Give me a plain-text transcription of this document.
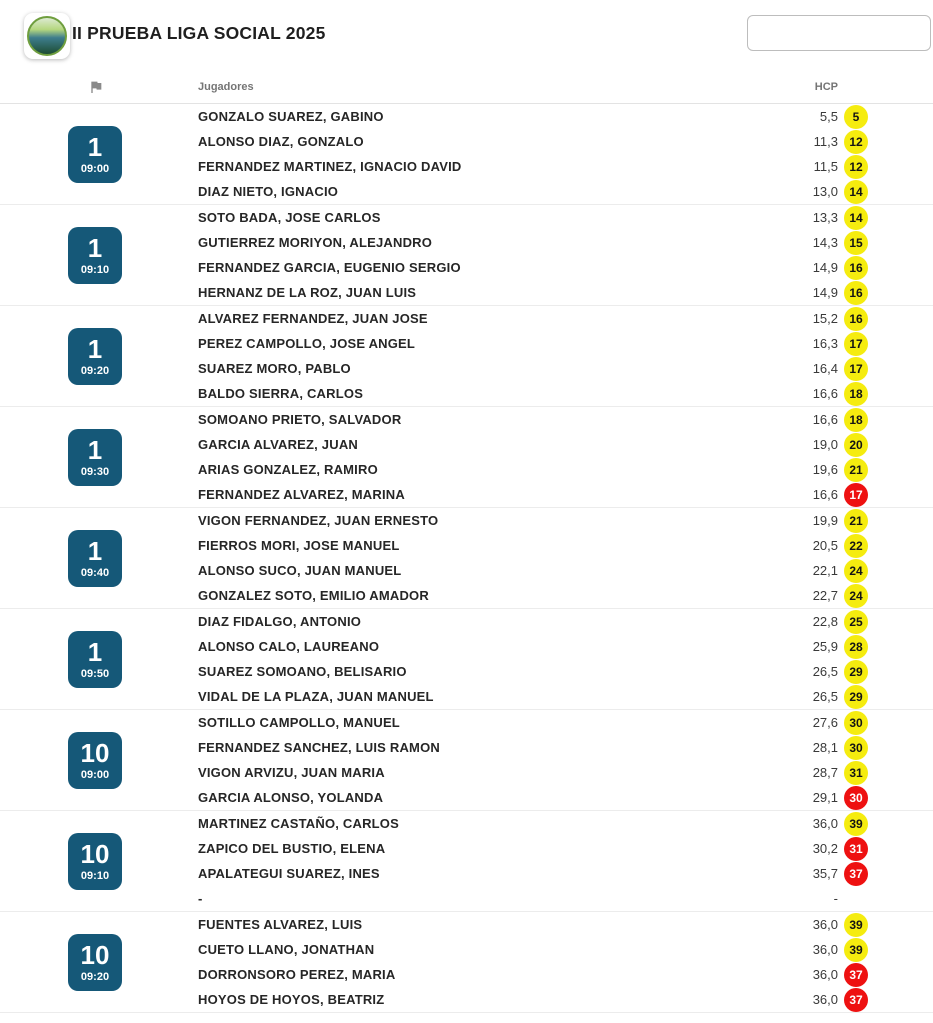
II PRUEBA LIGA SOCIAL 2025
Jugadores	HCP
1
09:00
GONZALO SUAREZ, GABINO	5,5	5
ALONSO DIAZ, GONZALO	11,3 12
FERNANDEZ MARTINEZ, IGNACIO DAVID	11,5 12
DIAZ NIETO, IGNACIO	13,0 14
1
09:10
SOTO BADA, JOSE CARLOS	13,3 14
GUTIERREZ MORIYON, ALEJANDRO	14,3 15
FERNANDEZ GARCIA, EUGENIO SERGIO	14,9 16
HERNANZ DE LA ROZ, JUAN LUIS	14,9 16
1
09:20
ALVAREZ FERNANDEZ, JUAN JOSE	15,2 16
PEREZ CAMPOLLO, JOSE ANGEL	16,3 17
SUAREZ MORO, PABLO	16,4 17
BALDO SIERRA, CARLOS	16,6 18
1
09:30
SOMOANO PRIETO, SALVADOR	16,6 18
GARCIA ALVAREZ, JUAN	19,0 20
ARIAS GONZALEZ, RAMIRO	19,6 21
FERNANDEZ ALVAREZ, MARINA	16,6 17
1
09:40
VIGON FERNANDEZ, JUAN ERNESTO	19,9 21
FIERROS MORI, JOSE MANUEL	20,5 22
ALONSO SUCO, JUAN MANUEL	22,1 24
GONZALEZ SOTO, EMILIO AMADOR	22,7 24
1
09:50
DIAZ FIDALGO, ANTONIO	22,8 25
ALONSO CALO, LAUREANO	25,9 28
SUAREZ SOMOANO, BELISARIO	26,5 29
VIDAL DE LA PLAZA, JUAN MANUEL	26,5 29
10
09:00
SOTILLO CAMPOLLO, MANUEL	27,6 30
FERNANDEZ SANCHEZ, LUIS RAMON	28,1 30
VIGON ARVIZU, JUAN MARIA	28,7 31
GARCIA ALONSO, YOLANDA	29,1 30
10
09:10
MARTINEZ CASTAÑO, CARLOS	36,0 39
ZAPICO DEL BUSTIO, ELENA	30,2 31
APALATEGUI SUAREZ, INES	35,7 37
-	-
10
09:20
FUENTES ALVAREZ, LUIS	36,0 39
CUETO LLANO, JONATHAN	36,0 39
DORRONSORO PEREZ, MARIA	36,0 37
HOYOS DE HOYOS, BEATRIZ	36,0 37
